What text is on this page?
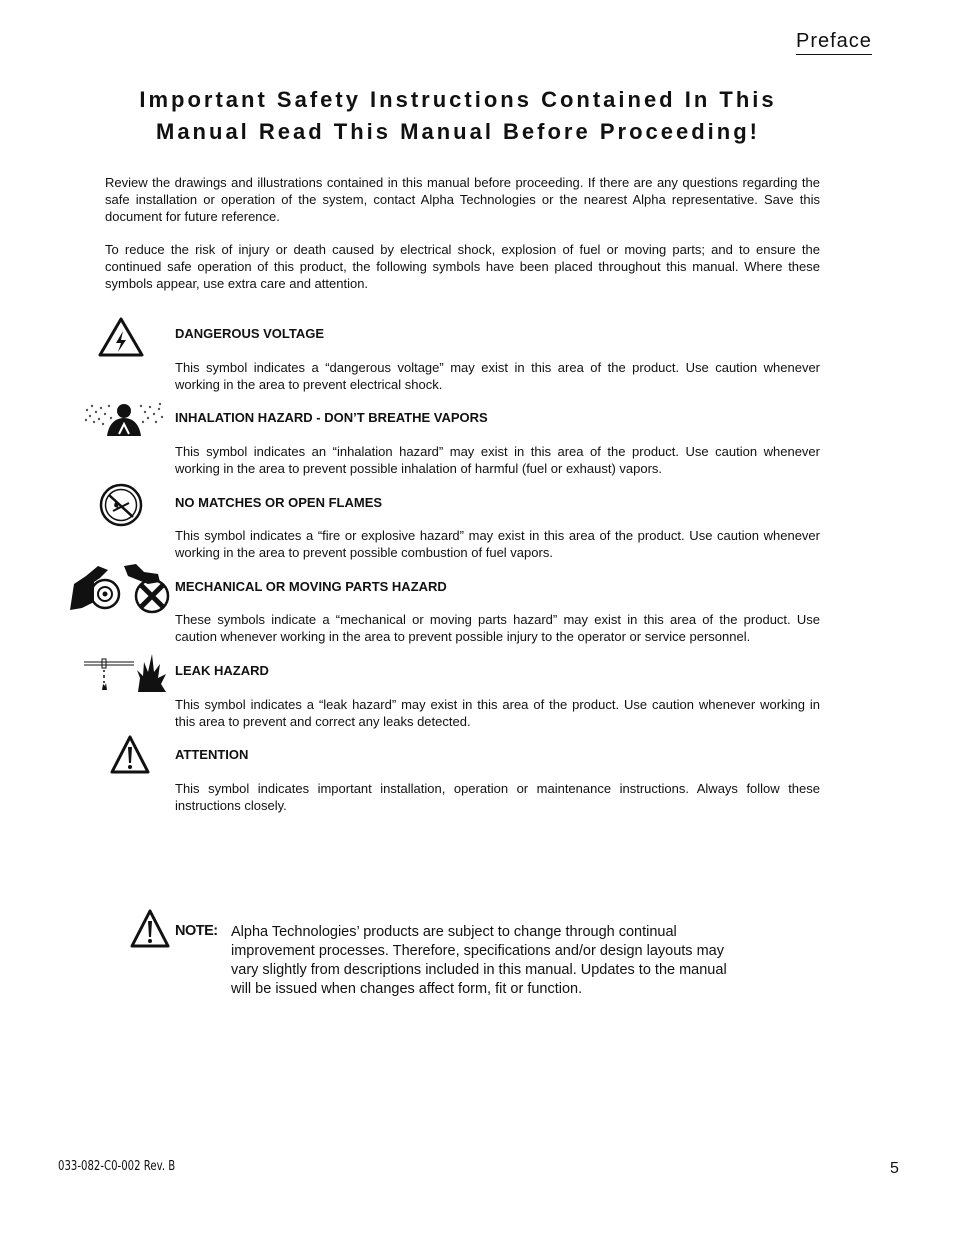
Preface
Important Safety Instructions Contained In This
Manual Read This Manual Before Proceeding!
Review the drawings and illustrations contained in this manual before proceeding. If there are any questions regarding the safe installation or operation of the system, contact Alpha Technologies or the nearest Alpha representative. Save this document for future reference.
To reduce the risk of injury or death caused by electrical shock, explosion of fuel or moving parts; and to ensure the continued safe operation of this product, the following symbols have been placed throughout this manual. Where these symbols appear, use extra care and attention.
DANGEROUS VOLTAGE
This symbol indicates a “dangerous voltage” may exist in this area of the product. Use caution whenever working in the area to prevent electrical shock.
INHALATION HAZARD - DON’T BREATHE VAPORS
This symbol indicates an “inhalation hazard” may exist in this area of the product. Use caution whenever working in the area to prevent possible inhalation of harmful (fuel or exhaust) vapors.
NO MATCHES OR OPEN FLAMES
This symbol indicates a “fire or explosive hazard” may exist in this area of the product. Use caution whenever working in the area to prevent possible combustion of fuel vapors.
MECHANICAL OR MOVING PARTS HAZARD
These symbols indicate a “mechanical or moving parts hazard” may exist in this area of the product. Use caution whenever working in the area to prevent possible injury to the operator or service personnel.
LEAK HAZARD
This symbol indicates a “leak hazard” may exist in this area of the product. Use caution whenever working in this area to prevent and correct any leaks detected.
ATTENTION
This symbol indicates important installation, operation or maintenance instructions. Always follow these instructions closely.
NOTE: Alpha Technologies’ products are subject to change through continual improvement processes. Therefore, specifications and/or design layouts may vary slightly from descriptions included in this manual. Updates to the manual will be issued when changes affect form, fit or function.
033-082-C0-002 Rev. B	5
